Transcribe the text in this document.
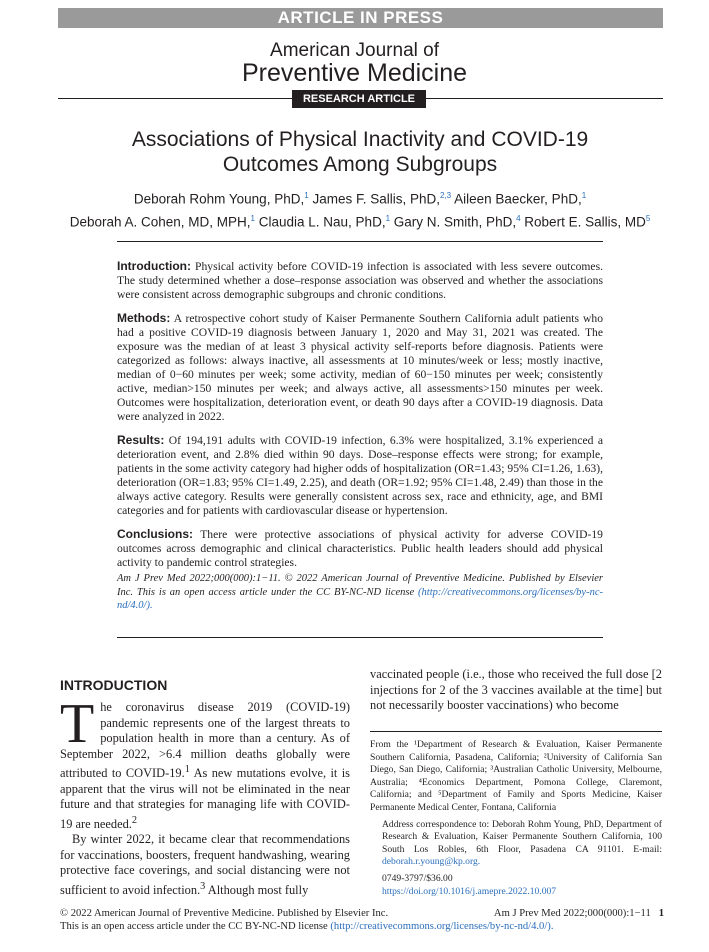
ARTICLE IN PRESS
American Journal of
Preventive Medicine
RESEARCH ARTICLE
Associations of Physical Inactivity and COVID-19
Outcomes Among Subgroups
Deborah Rohm Young, PhD,$^1$ James F. Sallis, PhD,$^{2,3}$ Aileen Baecker, PhD,$^1$
Deborah A. Cohen, MD, MPH,$^1$ Claudia L. Nau, PhD,$^1$ Gary N. Smith, PhD,$^4$ Robert E. Sallis, $MD^5$

Introduction: Physical activity before COVID-19 infection is associated with less severe outcomes. The study determined whether a dose–response association was observed and whether the associations were consistent across demographic subgroups and chronic conditions.

Methods: A retrospective cohort study of Kaiser Permanente Southern California adult patients who had a positive COVID-19 diagnosis between January 1, 2020 and May 31, 2021 was created. The exposure was the median of at least 3 physical activity self-reports before diagnosis. Patients were categorized as follows: always inactive, all assessments at 10 minutes/week or less; mostly inactive, median of 0−60 minutes per week; some activity, median of 60−150 minutes per week; consistently active, median>150 minutes per week; and always active, all assessments>150 minutes per week. Outcomes were hospitalization, deterioration event, or death 90 days after a COVID-19 diagnosis. Data were analyzed in 2022.

Results: Of 194,191 adults with COVID-19 infection, 6.3% were hospitalized, 3.1% experienced a deterioration event, and 2.8% died within 90 days. Dose–response effects were strong; for example, patients in the some activity category had higher odds of hospitalization (OR=1.43; 95% CI=1.26, 1.63), deterioration (OR=1.83; 95% CI=1.49, 2.25), and death (OR=1.92; 95% CI=1.48, 2.49) than those in the always active category. Results were generally consistent across sex, race and ethnicity, age, and BMI categories and for patients with cardiovascular disease or hypertension.

Conclusions: There were protective associations of physical activity for adverse COVID-19 outcomes across demographic and clinical characteristics. Public health leaders should add physical activity to pandemic control strategies.

Am J Prev Med 2022;000(000):1−11. © 2022 American Journal of Preventive Medicine. Published by Elsevier Inc. This is an open access article under the CC BY-NC-ND license (http://creativecommons.org/licenses/by-nc-nd/4.0/).

INTRODUCTION

The coronavirus disease 2019 (COVID-19) pandemic represents one of the largest threats to population health in more than a century. As of September 2022, >6.4 million deaths globally were attributed to COVID-19.$^1$ As new mutations evolve, it is apparent that the virus will not be eliminated in the near future and that strategies for managing life with COVID-19 are needed.$^2$

By winter 2022, it became clear that recommendations for vaccinations, boosters, frequent handwashing, wearing protective face coverings, and social distancing were not sufficient to avoid infection.$^3$ Although most fully

vaccinated people (i.e., those who received the full dose [2 injections for 2 of the 3 vaccines available at the time] but not necessarily booster vaccinations) who become

From the ¹Department of Research & Evaluation, Kaiser Permanente Southern California, Pasadena, California; ²University of California San Diego, San Diego, California; ³Australian Catholic University, Melbourne, Australia; ⁴Economics Department, Pomona College, Claremont, California; and ⁵Department of Family and Sports Medicine, Kaiser Permanente Medical Center, Fontana, California

Address correspondence to: Deborah Rohm Young, PhD, Department of Research & Evaluation, Kaiser Permanente Southern California, 100 South Los Robles, 6th Floor, Pasadena CA 91101. E-mail: deborah.r.young@kp.org.

0749-3797/$36.00

https://doi.org/10.1016/j.amepre.2022.10.007

© 2022 American Journal of Preventive Medicine. Published by Elsevier Inc.	Am J Prev Med 2022;000(000):1−11 1
This is an open access article under the CC BY-NC-ND license (http://creativecommons.org/licenses/by-nc-nd/4.0/).
